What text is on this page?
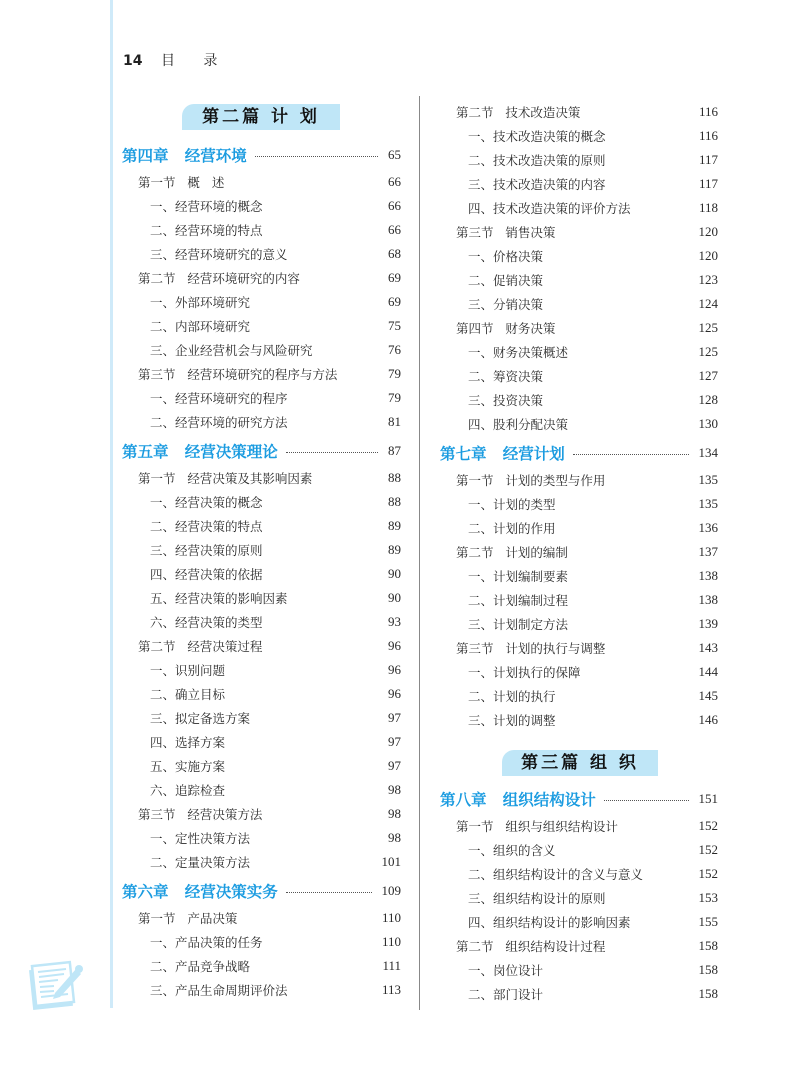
14 目 录
第二篇 计 划
第四章   经营环境	65
第一节   概   述	66
一、经营环境的概念	66
二、经营环境的特点	66
三、经营环境研究的意义	68
第二节   经营环境研究的内容	69
一、外部环境研究	69
二、内部环境研究	75
三、企业经营机会与风险研究	76
第三节   经营环境研究的程序与方法	79
一、经营环境研究的程序	79
二、经营环境的研究方法	81
第五章   经营决策理论	87
第一节   经营决策及其影响因素	88
一、经营决策的概念	88
二、经营决策的特点	89
三、经营决策的原则	89
四、经营决策的依据	90
五、经营决策的影响因素	90
六、经营决策的类型	93
第二节   经营决策过程	96
一、识别问题	96
二、确立目标	96
三、拟定备选方案	97
四、选择方案	97
五、实施方案	97
六、追踪检查	98
第三节   经营决策方法	98
一、定性决策方法	98
二、定量决策方法	101
第六章   经营决策实务	109
第一节   产品决策	110
一、产品决策的任务	110
二、产品竞争战略	111
三、产品生命周期评价法	113
第二节   技术改造决策	116
一、技术改造决策的概念	116
二、技术改造决策的原则	117
三、技术改造决策的内容	117
四、技术改造决策的评价方法	118
第三节   销售决策	120
一、价格决策	120
二、促销决策	123
三、分销决策	124
第四节   财务决策	125
一、财务决策概述	125
二、筹资决策	127
三、投资决策	128
四、股利分配决策	130
第七章   经营计划	134
第一节   计划的类型与作用	135
一、计划的类型	135
二、计划的作用	136
第二节   计划的编制	137
一、计划编制要素	138
二、计划编制过程	138
三、计划制定方法	139
第三节   计划的执行与调整	143
一、计划执行的保障	144
二、计划的执行	145
三、计划的调整	146
第三篇 组 织
第八章   组织结构设计	151
第一节   组织与组织结构设计	152
一、组织的含义	152
二、组织结构设计的含义与意义	152
三、组织结构设计的原则	153
四、组织结构设计的影响因素	155
第二节   组织结构设计过程	158
一、岗位设计	158
二、部门设计	158
